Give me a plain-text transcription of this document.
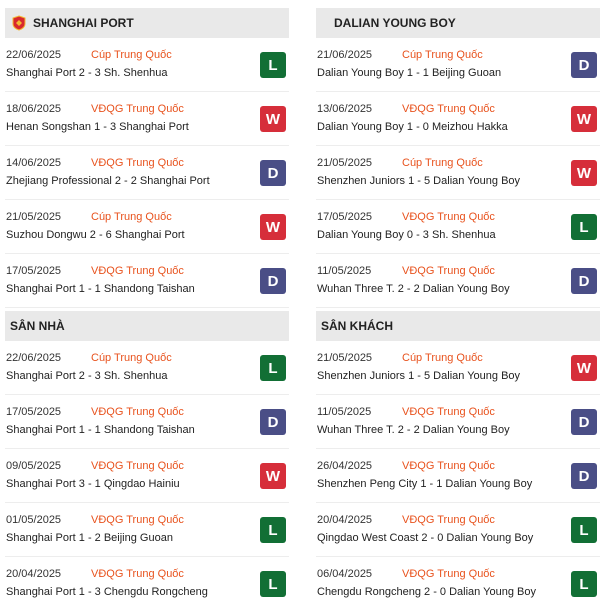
SHANGHAI PORT
22/06/2025	Cúp Trung Quốc
Shanghai Port 2 - 3 Sh. Shenhua	L
18/06/2025	VĐQG Trung Quốc
Henan Songshan 1 - 3 Shanghai Port	W
14/06/2025	VĐQG Trung Quốc
Zhejiang Professional 2 - 2 Shanghai Port	D
21/05/2025	Cúp Trung Quốc
Suzhou Dongwu 2 - 6 Shanghai Port	W
17/05/2025	VĐQG Trung Quốc
Shanghai Port 1 - 1 Shandong Taishan	D
SÂN NHÀ
22/06/2025	Cúp Trung Quốc
Shanghai Port 2 - 3 Sh. Shenhua	L
17/05/2025	VĐQG Trung Quốc
Shanghai Port 1 - 1 Shandong Taishan	D
09/05/2025	VĐQG Trung Quốc
Shanghai Port 3 - 1 Qingdao Hainiu	W
01/05/2025	VĐQG Trung Quốc
Shanghai Port 1 - 2 Beijing Guoan	L
20/04/2025	VĐQG Trung Quốc
Shanghai Port 1 - 3 Chengdu Rongcheng	L
DALIAN YOUNG BOY
21/06/2025	Cúp Trung Quốc
Dalian Young Boy 1 - 1 Beijing Guoan	D
13/06/2025	VĐQG Trung Quốc
Dalian Young Boy 1 - 0 Meizhou Hakka	W
21/05/2025	Cúp Trung Quốc
Shenzhen Juniors 1 - 5 Dalian Young Boy	W
17/05/2025	VĐQG Trung Quốc
Dalian Young Boy 0 - 3 Sh. Shenhua	L
11/05/2025	VĐQG Trung Quốc
Wuhan Three T. 2 - 2 Dalian Young Boy	D
SÂN KHÁCH
21/05/2025	Cúp Trung Quốc
Shenzhen Juniors 1 - 5 Dalian Young Boy	W
11/05/2025	VĐQG Trung Quốc
Wuhan Three T. 2 - 2 Dalian Young Boy	D
26/04/2025	VĐQG Trung Quốc
Shenzhen Peng City 1 - 1 Dalian Young Boy	D
20/04/2025	VĐQG Trung Quốc
Qingdao West Coast 2 - 0 Dalian Young Boy	L
06/04/2025	VĐQG Trung Quốc
Chengdu Rongcheng 2 - 0 Dalian Young Boy	L
